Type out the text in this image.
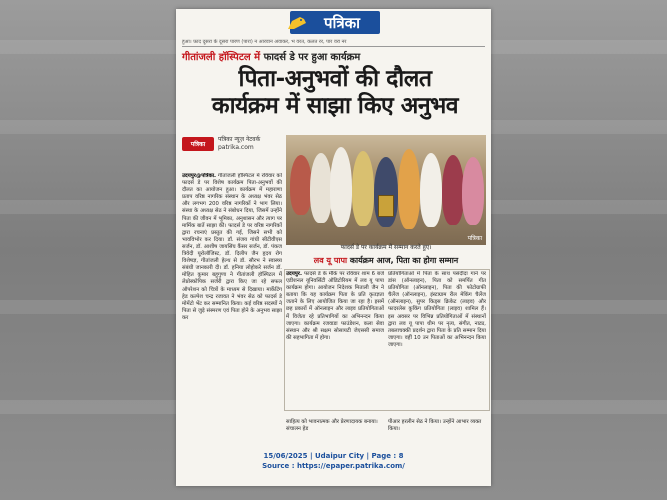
पत्रिका
हुआ। फ़ाद दूसरा के दूसरा पारण (पारा) न आरवान अवाकर, भ वरत, कलत रर, पार वरा नर
गीतांजली हॉस्पिटल में फादर्स डे पर हुआ कार्यक्रम
पिता-अनुभवों की दौलत
कार्यक्रम में साझा किए अनुभव
पत्रिका
पत्रिका न्यूज़ नेटवर्क
patrika.com
पत्रिका
फादर्स डे पर कार्यक्रम में सम्मान करते हुए।
उदयपुर@पत्रिका. गीतांजली हॉस्पिटल में रविवार को फादर्स डे पर विशेष कार्यक्रम पिता-अनुभवों की दौलत का आयोजन हुआ। कार्यक्रम में महाराणा प्रताप वरिष्ठ नागरिक संस्थान के अध्यक्ष भंवर सेठ और लगभग 200 वरिष्ठ नागरिकों ने भाग लिया। संस्था के अध्यक्ष सेठ ने संबोधन दिया, जिसमें उन्होंने पिता की जीवन में भूमिका, अनुशासन और त्याग पर मार्मिक बातें साझा कीं। फादर्स डे पर वरिष्ठ नागरिकों द्वारा रचनाएं प्रस्तुत की गईं, जिसने सभी को भावविभोर कर दिया। डॉ. संजय गांधी सीटीवीएस सर्जन, डॉ. आशीष जायसिंघ कैंसर सर्जन, डॉ. पंकज त्रिवेदी यूरोलॉजिस्ट, डॉ. दिलीप जैन हृदय रोग विशेषज्ञ, गीतांजली हेल्थ से डॉ. सौरभ ने स्वास्थ्य संबंधी जानकारी दी। डॉ. हनिया लोहोकरे सर्जन डॉ. मोहित कुमार बहुगुणा ने गीतांजली हॉस्पिटल में लेप्रोस्कोपिक सर्जरी द्वारा किए जा रहे सफल ऑपरेशन को चित्रों के माध्यम से दिखाया। मार्केटिंग हेड कल्पेश चन्द्र रजावत ने भंवर सेठ को फादर्स डे मोमेंटो भेंट कर सम्मानित किया। कई वरिष्ठ सदस्यों ने पिता से जुड़े संस्मरण एवं पिता होने के अनुभव साझा कर
लव यू पापा कार्यक्रम आज, पिता का होगा सम्मान
उदयपुर. फादर्स डे के मौके पर रविवार शाम 6 बजे एडीशनल यूनिवर्सिटी ऑडिटोरियम में लव यू पापा कार्यक्रम होगा। आयोजन निदेशक मिताली जैन ने बताया कि यह कार्यक्रम पिता के प्रति कृतज्ञता जताने के लिए आयोजित किया जा रहा है। इसमें छह प्रकारों में ऑनलाइन और लाइव प्रतियोगिताओं में विजेता रहे प्रतिभागियों का अभिनन्दन किया जाएगा। कार्यक्रम रजवाडा फाउंडेशन, कला सेवा संस्थान और श्री सक्षम सोसायटी जेएससी समाज की सहभागिता में होगा।
प्रतियोगिताओं में पिता के साथ पसंदीदा गाने पर डांस (ऑनलाइन), पिता को समर्पित गीत प्रतियोगिता (ऑनलाइन), पिता की फोटोग्राफी चैलेंज (ऑनलाइन), इंस्टाग्राम रील मेकिंग चैलेंज (ऑनलाइन), सुपर किड्स क्रिकेट (लाइव) और फादरलेस कुकिंग प्रतियोगिता (लाइव) शामिल हैं। इस अवसर पर विभिन्न प्रतियोगिताओं में संस्थानों द्वारा लव यू पापा थीम पर नृत्य, संगीत, नाट्य, तबलाचक्की प्रदर्शन द्वारा पिता के प्रति सम्मान दिया जाएगा। वहीं 10 उन पिताओं का अभिनन्दन किया जाएगा।
साहित्य को भावनात्मक और प्रेरणादायक बनाया। संचालन हेड
पीआर हरलीन सेठ ने किया। उन्होंने आभार व्यक्त किया।
15/06/2025 | Udaipur City | Page : 8
Source : https://epaper.patrika.com/
